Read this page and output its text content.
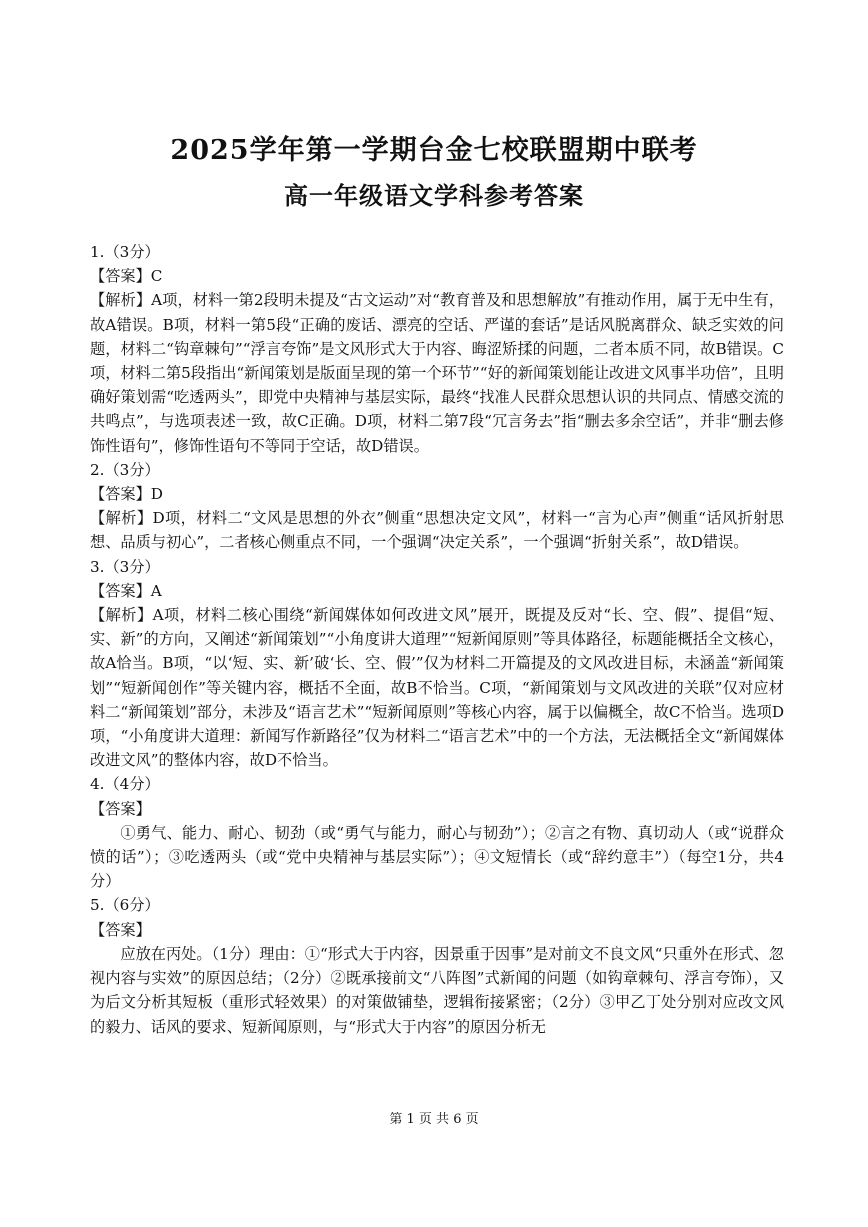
2025学年第一学期台金七校联盟期中联考
高一年级语文学科参考答案

1.（3分）

【答案】C

【解析】A项，材料一第2段明未提及“古文运动”对“教育普及和思想解放”有推动作用，属于无中生有，故A错误。B项，材料一第5段“正确的废话、漂亮的空话、严谨的套话”是话风脱离群众、缺乏实效的问题，材料二“钩章棘句”“浮言夸饰”是文风形式大于内容、晦涩矫揉的问题，二者本质不同，故B错误。C项，材料二第5段指出“新闻策划是版面呈现的第一个环节”“好的新闻策划能让改进文风事半功倍”，且明确好策划需“吃透两头”，即党中央精神与基层实际，最终“找准人民群众思想认识的共同点、情感交流的共鸣点”，与选项表述一致，故C正确。D项，材料二第7段“冗言务去”指“删去多余空话”，并非“删去修饰性语句”，修饰性语句不等同于空话，故D错误。

2.（3分）

【答案】D

【解析】D项，材料二“文风是思想的外衣”侧重“思想决定文风”，材料一“言为心声”侧重“话风折射思想、品质与初心”，二者核心侧重点不同，一个强调“决定关系”，一个强调“折射关系”，故D错误。

3.（3分）

【答案】A

【解析】A项，材料二核心围绕“新闻媒体如何改进文风”展开，既提及反对“长、空、假”、提倡“短、实、新”的方向，又阐述“新闻策划”“小角度讲大道理”“短新闻原则”等具体路径，标题能概括全文核心，故A恰当。B项，“以‘短、实、新’破‘长、空、假’”仅为材料二开篇提及的文风改进目标，未涵盖“新闻策划”“短新闻创作”等关键内容，概括不全面，故B不恰当。C项，“新闻策划与文风改进的关联”仅对应材料二“新闻策划”部分，未涉及“语言艺术”“短新闻原则”等核心内容，属于以偏概全，故C不恰当。选项D项，“小角度讲大道理：新闻写作新路径”仅为材料二“语言艺术”中的一个方法，无法概括全文“新闻媒体改进文风”的整体内容，故D不恰当。

4.（4分）

【答案】

①勇气、能力、耐心、韧劲（或“勇气与能力，耐心与韧劲”）；②言之有物、真切动人（或“说群众愤的话”）；③吃透两头（或“党中央精神与基层实际”）；④文短情长（或“辞约意丰”）（每空1分，共4分）

5.（6分）

【答案】

应放在丙处。（1分）理由：①“形式大于内容，因景重于因事”是对前文不良文风“只重外在形式、忽视内容与实效”的原因总结；（2分）②既承接前文“八阵图”式新闻的问题（如钩章棘句、浮言夸饰），又为后文分析其短板（重形式轻效果）的对策做铺垫，逻辑衔接紧密；（2分）③甲乙丁处分别对应改文风的毅力、话风的要求、短新闻原则，与“形式大于内容”的原因分析无

第 1 页 共 6 页
